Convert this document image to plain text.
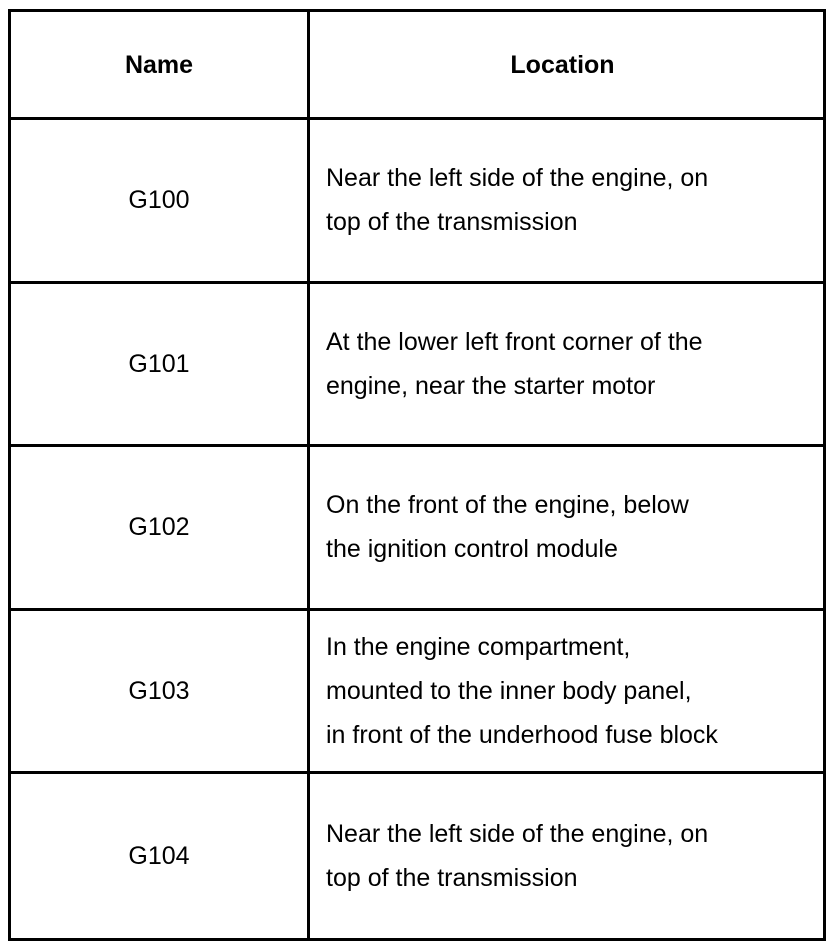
Name	Location
G100
Near the left side of the engine, on
top of the transmission
G101
At the lower left front corner of the
engine, near the starter motor
G102
On the front of the engine, below
the ignition control module
G103
In the engine compartment,
mounted to the inner body panel,
in front of the underhood fuse block
G104
Near the left side of the engine, on
top of the transmission
